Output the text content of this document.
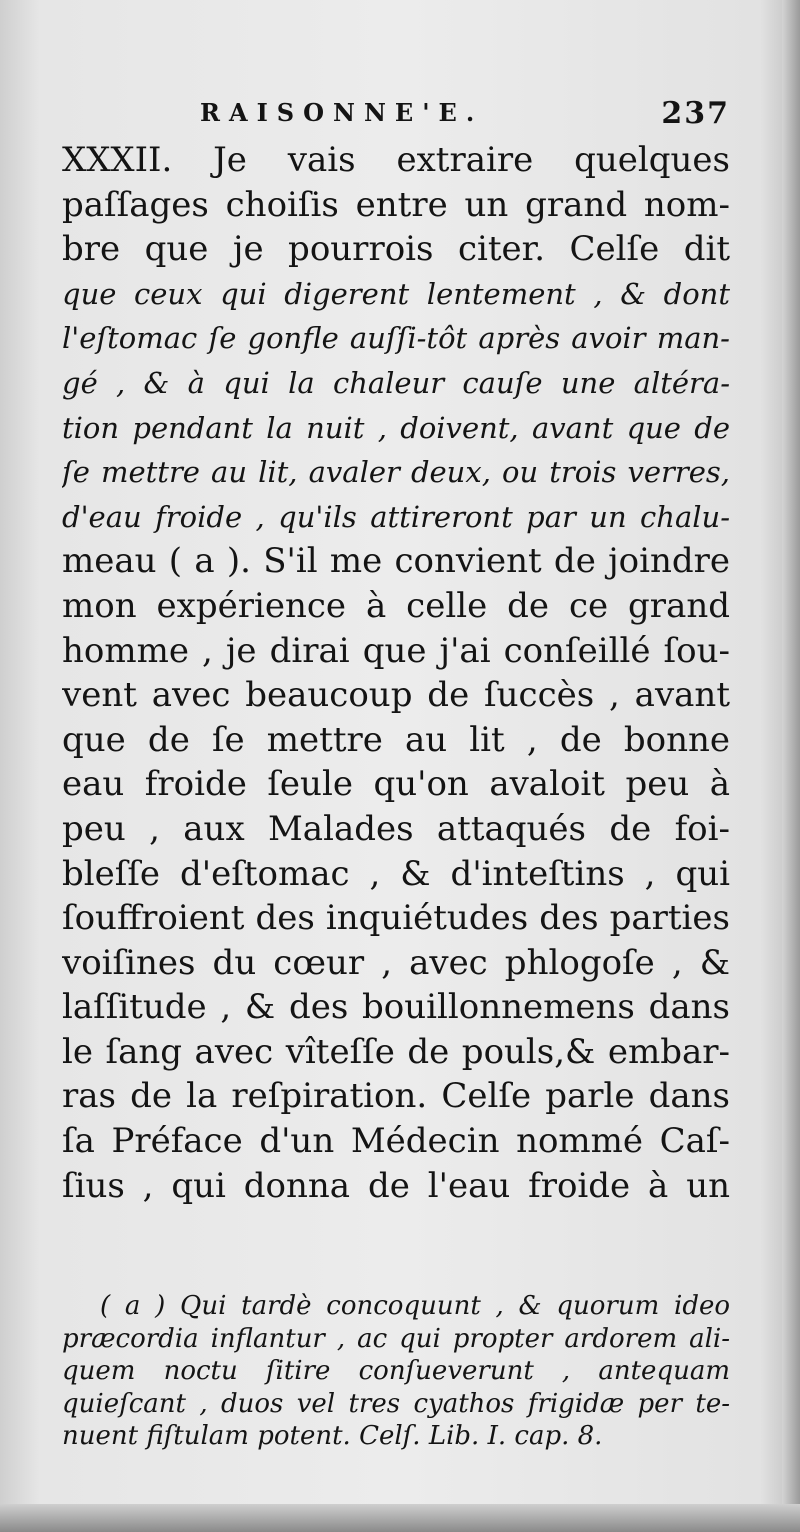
RAISONNE'E.	237
XXXII. Je vais extraire quelques
paſſages choiſis entre un grand nom-
bre que je pourrois citer. Celſe dit
que ceux qui digerent lentement , & dont
l'eſtomac ſe gonfle auſſi-tôt après avoir man-
gé , & à qui la chaleur cauſe une altéra-
tion pendant la nuit , doivent, avant que de
ſe mettre au lit, avaler deux, ou trois verres,
d'eau froide , qu'ils attireront par un chalu-
meau ( a ). S'il me convient de joindre
mon expérience à celle de ce grand
homme , je dirai que j'ai conſeillé ſou-
vent avec beaucoup de ſuccès , avant
que de ſe mettre au lit , de bonne
eau froide ſeule qu'on avaloit peu à
peu , aux Malades attaqués de foi-
bleſſe d'eſtomac , & d'inteſtins , qui
ſouffroient des inquiétudes des parties
voiſines du cœur , avec phlogoſe , &
laſſitude , & des bouillonnemens dans
le ſang avec vîteſſe de pouls,& embar-
ras de la reſpiration. Celſe parle dans
ſa Préface d'un Médecin nommé Caſ-
ſius , qui donna de l'eau froide à un
( a ) Qui tardè concoquunt , & quorum ideo
præcordia inflantur , ac qui propter ardorem ali-
quem noctu ſitire conſueverunt , antequam
quieſcant , duos vel tres cyathos frigidæ per te-
nuent fiſtulam potent. Celſ. Lib. I. cap. 8.
